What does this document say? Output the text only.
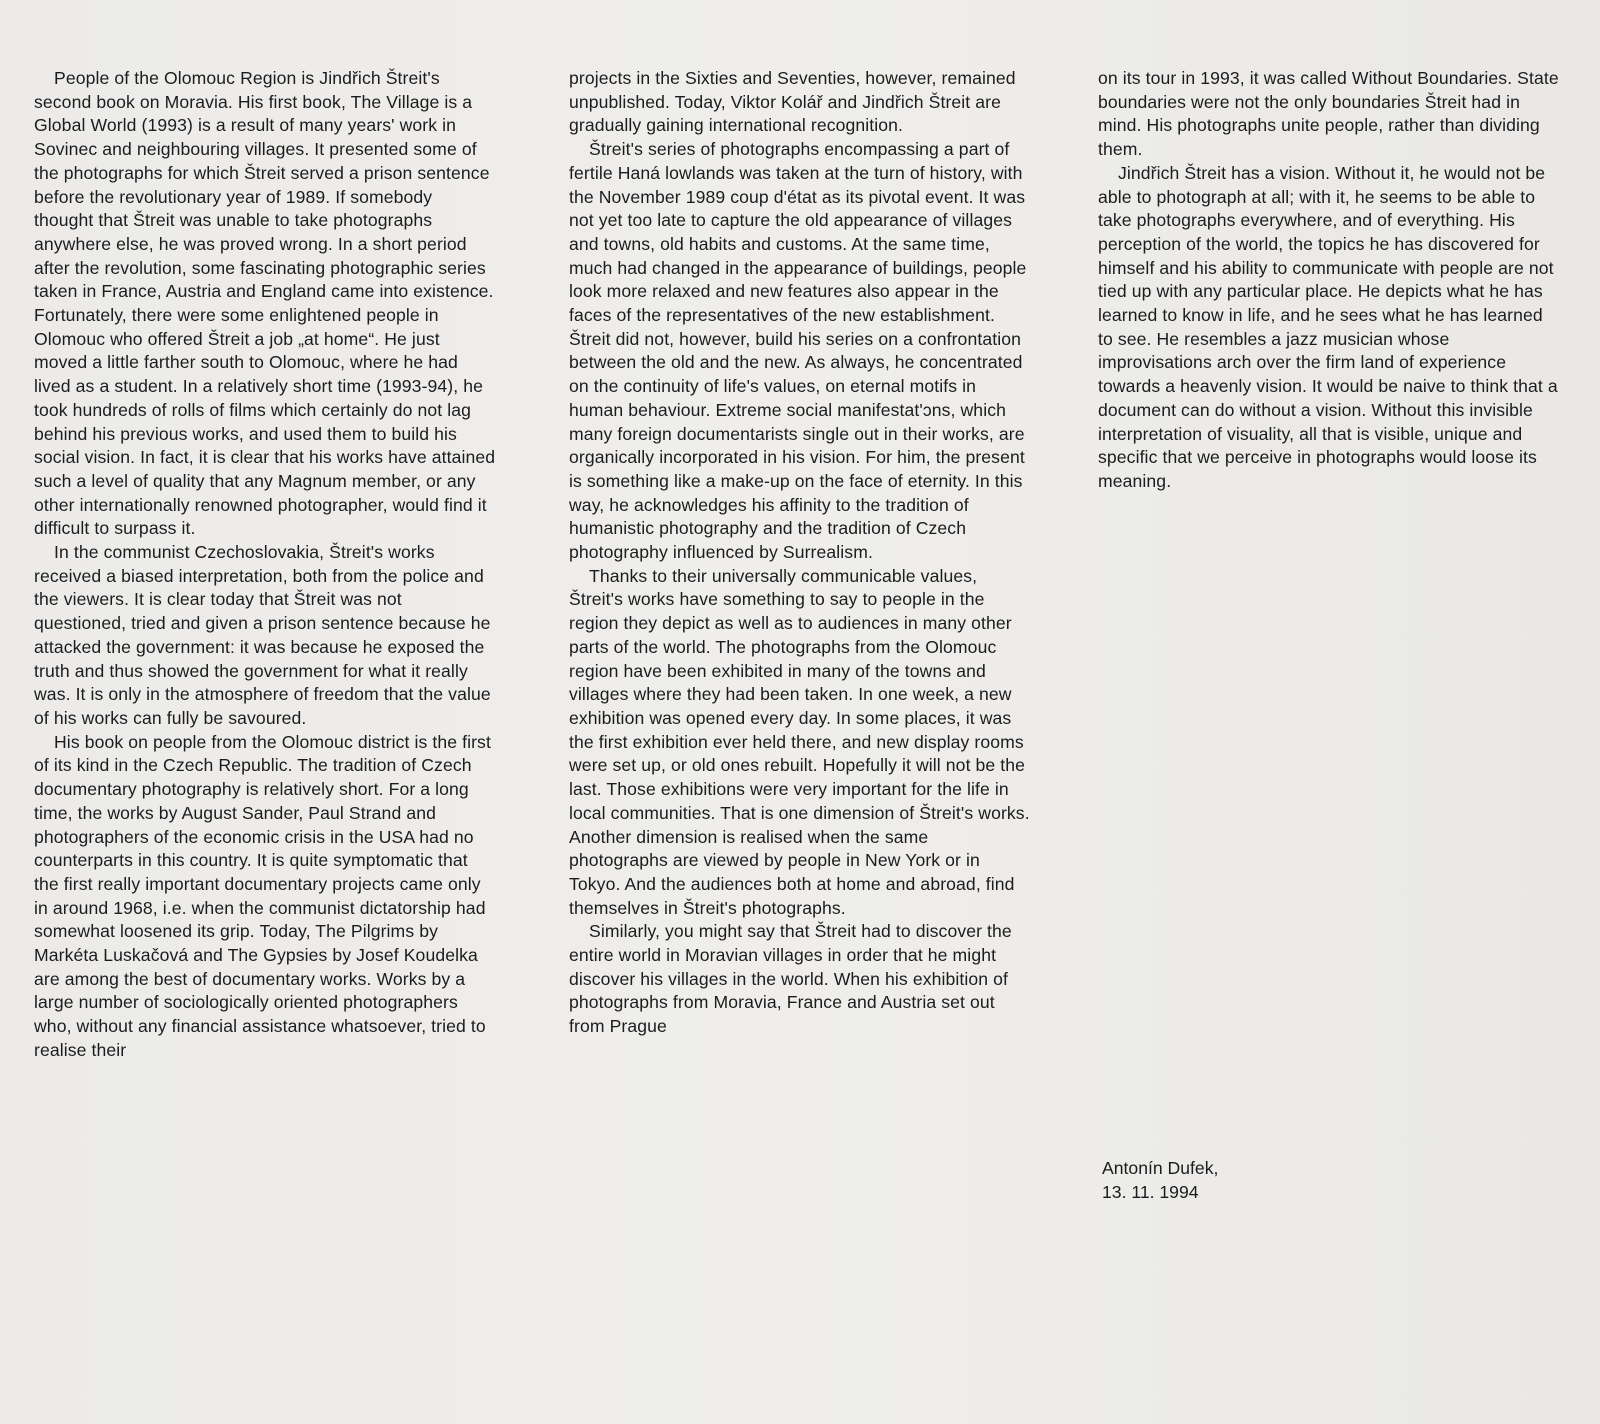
People of the Olomouc Region is Jindřich Štreit's second book on Moravia. His first book, The Village is a Global World (1993) is a result of many years' work in Sovinec and neighbouring villages. It presented some of the photographs for which Štreit served a prison sentence before the revolutionary year of 1989. If somebody thought that Štreit was unable to take photographs anywhere else, he was proved wrong. In a short period after the revolution, some fascinating photographic series taken in France, Austria and England came into existence. Fortunately, there were some enlightened people in Olomouc who offered Štreit a job „at home“. He just moved a little farther south to Olomouc, where he had lived as a student. In a relatively short time (1993-94), he took hundreds of rolls of films which certainly do not lag behind his previous works, and used them to build his social vision. In fact, it is clear that his works have attained such a level of quality that any Magnum member, or any other internationally renowned photographer, would find it difficult to surpass it.

In the communist Czechoslovakia, Štreit's works received a biased interpretation, both from the police and the viewers. It is clear today that Štreit was not questioned, tried and given a prison sentence because he attacked the government: it was because he exposed the truth and thus showed the government for what it really was. It is only in the atmosphere of freedom that the value of his works can fully be savoured.

His book on people from the Olomouc district is the first of its kind in the Czech Republic. The tradition of Czech documentary photography is relatively short. For a long time, the works by August Sander, Paul Strand and photographers of the economic crisis in the USA had no counterparts in this country. It is quite symptomatic that the first really important documentary projects came only in around 1968, i.e. when the communist dictatorship had somewhat loosened its grip. Today, The Pilgrims by Markéta Luskačová and The Gypsies by Josef Koudelka are among the best of documentary works. Works by a large number of sociologically oriented photographers who, without any financial assistance whatsoever, tried to realise their

projects in the Sixties and Seventies, however, remained unpublished. Today, Viktor Kolář and Jindřich Štreit are gradually gaining international recognition.

Štreit's series of photographs encompassing a part of fertile Haná lowlands was taken at the turn of history, with the November 1989 coup d'état as its pivotal event. It was not yet too late to capture the old appearance of villages and towns, old habits and customs. At the same time, much had changed in the appearance of buildings, people look more relaxed and new features also appear in the faces of the representatives of the new establishment. Štreit did not, however, build his series on a confrontation between the old and the new. As always, he concentrated on the continuity of life's values, on eternal motifs in human behaviour. Extreme social manifestat'ɔns, which many foreign documentarists single out in their works, are organically incorporated in his vision. For him, the present is something like a make-up on the face of eternity. In this way, he acknowledges his affinity to the tradition of humanistic photography and the tradition of Czech photography influenced by Surrealism.

Thanks to their universally communicable values, Štreit's works have something to say to people in the region they depict as well as to audiences in many other parts of the world. The photographs from the Olomouc region have been exhibited in many of the towns and villages where they had been taken. In one week, a new exhibition was opened every day. In some places, it was the first exhibition ever held there, and new display rooms were set up, or old ones rebuilt. Hopefully it will not be the last. Those exhibitions were very important for the life in local communities. That is one dimension of Štreit's works. Another dimension is realised when the same photographs are viewed by people in New York or in Tokyo. And the audiences both at home and abroad, find themselves in Štreit's photographs.

Similarly, you might say that Štreit had to discover the entire world in Moravian villages in order that he might discover his villages in the world. When his exhibition of photographs from Moravia, France and Austria set out from Prague

on its tour in 1993, it was called Without Boundaries. State boundaries were not the only boundaries Štreit had in mind. His photographs unite people, rather than dividing them.

Jindřich Štreit has a vision. Without it, he would not be able to photograph at all; with it, he seems to be able to take photographs everywhere, and of everything. His perception of the world, the topics he has discovered for himself and his ability to communicate with people are not tied up with any particular place. He depicts what he has learned to know in life, and he sees what he has learned to see. He resembles a jazz musician whose improvisations arch over the firm land of experience towards a heavenly vision. It would be naive to think that a document can do without a vision. Without this invisible interpretation of visuality, all that is visible, unique and specific that we perceive in photographs would loose its meaning.

Antonín Dufek,
13. 11. 1994
